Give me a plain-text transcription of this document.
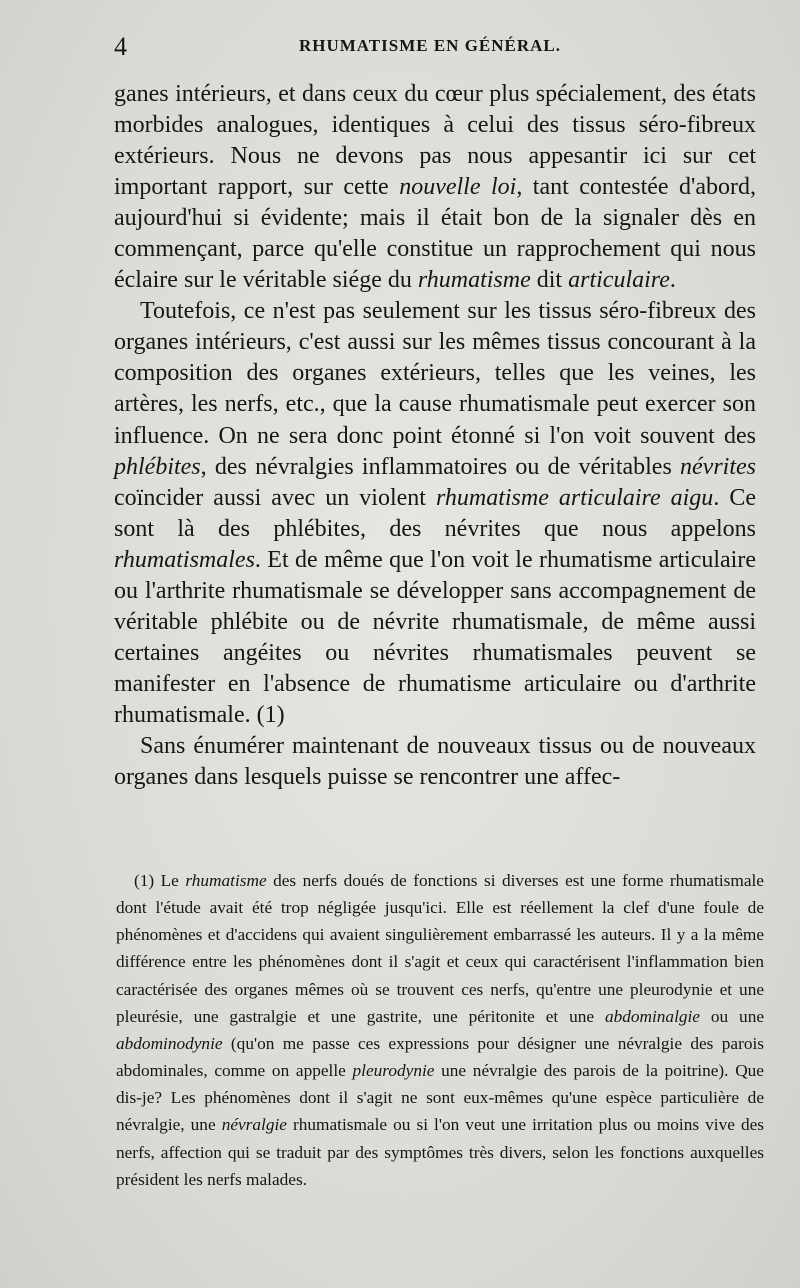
4	RHUMATISME EN GÉNÉRAL.

ganes intérieurs, et dans ceux du cœur plus spécialement, des états morbides analogues, identiques à celui des tissus séro-fibreux extérieurs. Nous ne devons pas nous appesantir ici sur cet important rapport, sur cette nouvelle loi, tant contestée d'abord, aujourd'hui si évidente; mais il était bon de la signaler dès en commençant, parce qu'elle constitue un rapprochement qui nous éclaire sur le véritable siége du rhumatisme dit articulaire.

Toutefois, ce n'est pas seulement sur les tissus séro-fibreux des organes intérieurs, c'est aussi sur les mêmes tissus concourant à la composition des organes extérieurs, telles que les veines, les artères, les nerfs, etc., que la cause rhumatismale peut exercer son influence. On ne sera donc point étonné si l'on voit souvent des phlébites, des névralgies inflammatoires ou de véritables névrites coïncider aussi avec un violent rhumatisme articulaire aigu. Ce sont là des phlébites, des névrites que nous appelons rhumatismales. Et de même que l'on voit le rhumatisme articulaire ou l'arthrite rhumatismale se développer sans accompagnement de véritable phlébite ou de névrite rhumatismale, de même aussi certaines angéites ou névrites rhumatismales peuvent se manifester en l'absence de rhumatisme articulaire ou d'arthrite rhumatismale. (1)

Sans énumérer maintenant de nouveaux tissus ou de nouveaux organes dans lesquels puisse se rencontrer une affec-

(1) Le rhumatisme des nerfs doués de fonctions si diverses est une forme rhumatismale dont l'étude avait été trop négligée jusqu'ici. Elle est réellement la clef d'une foule de phénomènes et d'accidens qui avaient singulièrement embarrassé les auteurs. Il y a la même différence entre les phénomènes dont il s'agit et ceux qui caractérisent l'inflammation bien caractérisée des organes mêmes où se trouvent ces nerfs, qu'entre une pleurodynie et une pleurésie, une gastralgie et une gastrite, une péritonite et une abdominalgie ou une abdominodynie (qu'on me passe ces expressions pour désigner une névralgie des parois abdominales, comme on appelle pleurodynie une névralgie des parois de la poitrine). Que dis-je? Les phénomènes dont il s'agit ne sont eux-mêmes qu'une espèce particulière de névralgie, une névralgie rhumatismale ou si l'on veut une irritation plus ou moins vive des nerfs, affection qui se traduit par des symptômes très divers, selon les fonctions auxquelles président les nerfs malades.
